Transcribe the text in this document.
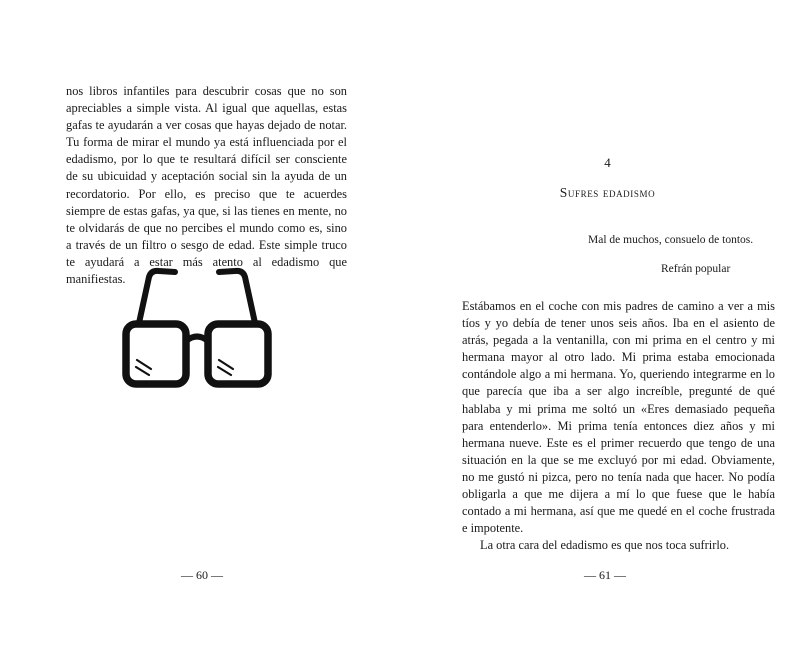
nos libros infantiles para descubrir cosas que no son apreciables a simple vista. Al igual que aquellas, estas gafas te ayudarán a ver cosas que hayas dejado de notar. Tu forma de mirar el mundo ya está influenciada por el edadismo, por lo que te resultará difícil ser consciente de su ubicuidad y aceptación social sin la ayuda de un recordatorio. Por ello, es preciso que te acuerdes siempre de estas gafas, ya que, si las tienes en mente, no te olvidarás de que no percibes el mundo como es, sino a través de un filtro o sesgo de edad. Este simple truco te ayudará a estar más atento al edadismo que manifiestas.

— 60 —
4
Sufres edadismo
Mal de muchos, consuelo de tontos.
Refrán popular

Estábamos en el coche con mis padres de camino a ver a mis tíos y yo debía de tener unos seis años. Iba en el asiento de atrás, pegada a la ventanilla, con mi prima en el centro y mi hermana mayor al otro lado. Mi prima estaba emocionada contándole algo a mi hermana. Yo, queriendo integrarme en lo que parecía que iba a ser algo increíble, pregunté de qué hablaba y mi prima me soltó un «Eres demasiado pequeña para entenderlo». Mi prima tenía entonces diez años y mi hermana nueve. Este es el primer recuerdo que tengo de una situación en la que se me excluyó por mi edad. Obviamente, no me gustó ni pizca, pero no tenía nada que hacer. No podía obligarla a que me dijera a mí lo que fuese que le había contado a mi hermana, así que me quedé en el coche frustrada e impotente.

La otra cara del edadismo es que nos toca sufrirlo.

— 61 —
